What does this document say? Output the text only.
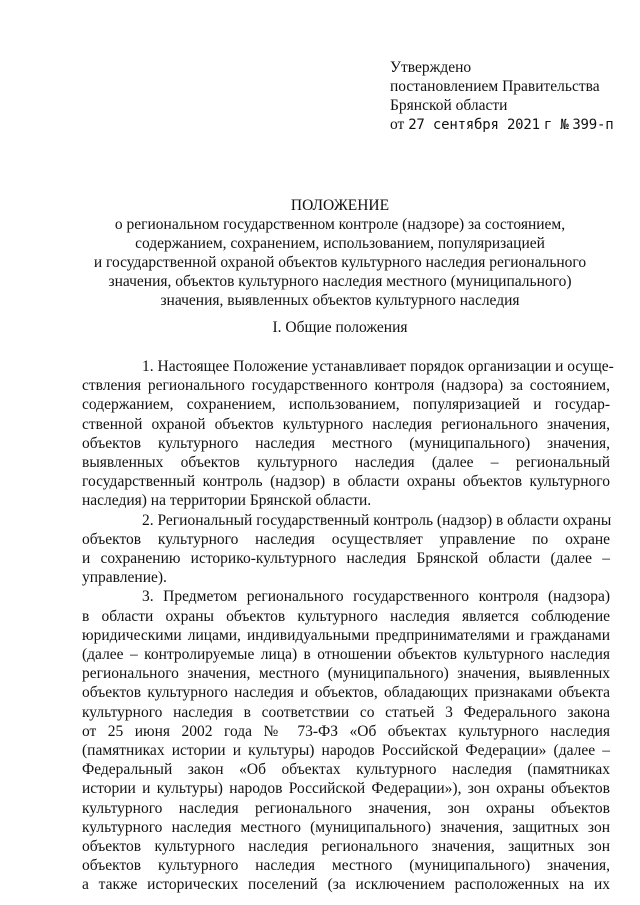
Утверждено
постановлением Правительства
Брянской области
от 27 сентября 2021 г № 399-п
ПОЛОЖЕНИЕ
о региональном государственном контроле (надзоре) за состоянием,
содержанием, сохранением, использованием, популяризацией
и государственной охраной объектов культурного наследия регионального
значения, объектов культурного наследия местного (муниципального)
значения, выявленных объектов культурного наследия
I. Общие положения
1. Настоящее Положение устанавливает порядок организации и осуще-
ствления регионального государственного контроля (надзора) за состоянием,
содержанием, сохранением, использованием, популяризацией и государ-
ственной охраной объектов культурного наследия регионального значения,
объектов культурного наследия местного (муниципального) значения,
выявленных объектов культурного наследия (далее – региональный
государственный контроль (надзор) в области охраны объектов культурного
наследия) на территории Брянской области.
2. Региональный государственный контроль (надзор) в области охраны
объектов культурного наследия осуществляет управление по охране
и сохранению историко-культурного наследия Брянской области (далее –
управление).
3. Предметом регионального государственного контроля (надзора)
в области охраны объектов культурного наследия является соблюдение
юридическими лицами, индивидуальными предпринимателями и гражданами
(далее – контролируемые лица) в отношении объектов культурного наследия
регионального значения, местного (муниципального) значения, выявленных
объектов культурного наследия и объектов, обладающих признаками объекта
культурного наследия в соответствии со статьей 3 Федерального закона
от 25 июня 2002 года № 73-ФЗ «Об объектах культурного наследия
(памятниках истории и культуры) народов Российской Федерации» (далее –
Федеральный закон «Об объектах культурного наследия (памятниках
истории и культуры) народов Российской Федерации»), зон охраны объектов
культурного наследия регионального значения, зон охраны объектов
культурного наследия местного (муниципального) значения, защитных зон
объектов культурного наследия регионального значения, защитных зон
объектов культурного наследия местного (муниципального) значения,
а также исторических поселений (за исключением расположенных на их
